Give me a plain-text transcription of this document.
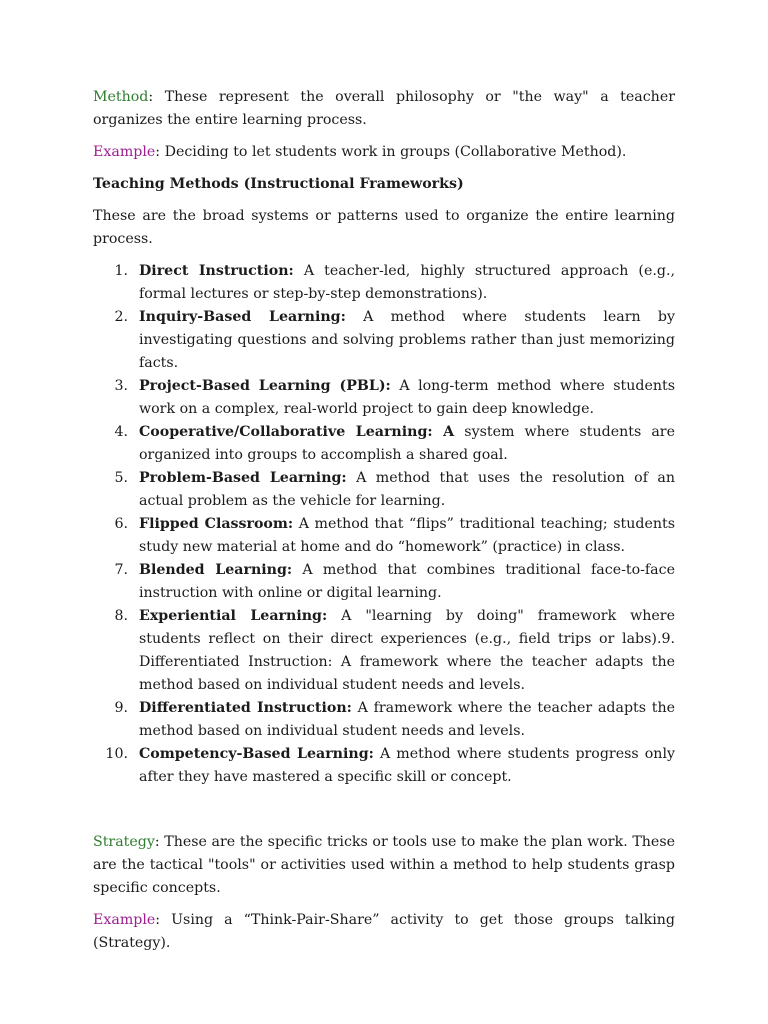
Method: These represent the overall philosophy or "the way" a teacher organizes the entire learning process.

Example: Deciding to let students work in groups (Collaborative Method).

Teaching Methods (Instructional Frameworks)

These are the broad systems or patterns used to organize the entire learning process.

1. Direct Instruction: A teacher-led, highly structured approach (e.g., formal lectures or step-by-step demonstrations).
2. Inquiry-Based Learning: A method where students learn by investigating questions and solving problems rather than just memorizing facts.
3. Project-Based Learning (PBL): A long-term method where students work on a complex, real-world project to gain deep knowledge.
4. Cooperative/Collaborative Learning: A system where students are organized into groups to accomplish a shared goal.
5. Problem-Based Learning: A method that uses the resolution of an actual problem as the vehicle for learning.
6. Flipped Classroom: A method that “flips” traditional teaching; students study new material at home and do “homework” (practice) in class.
7. Blended Learning: A method that combines traditional face-to-face instruction with online or digital learning.
8. Experiential Learning: A "learning by doing" framework where students reflect on their direct experiences (e.g., field trips or labs).9. Differentiated Instruction: A framework where the teacher adapts the method based on individual student needs and levels.
9. Differentiated Instruction: A framework where the teacher adapts the method based on individual student needs and levels.
10. Competency-Based Learning: A method where students progress only after they have mastered a specific skill or concept.

Strategy: These are the specific tricks or tools use to make the plan work. These are the tactical "tools" or activities used within a method to help students grasp specific concepts.

Example: Using a “Think-Pair-Share” activity to get those groups talking (Strategy).
